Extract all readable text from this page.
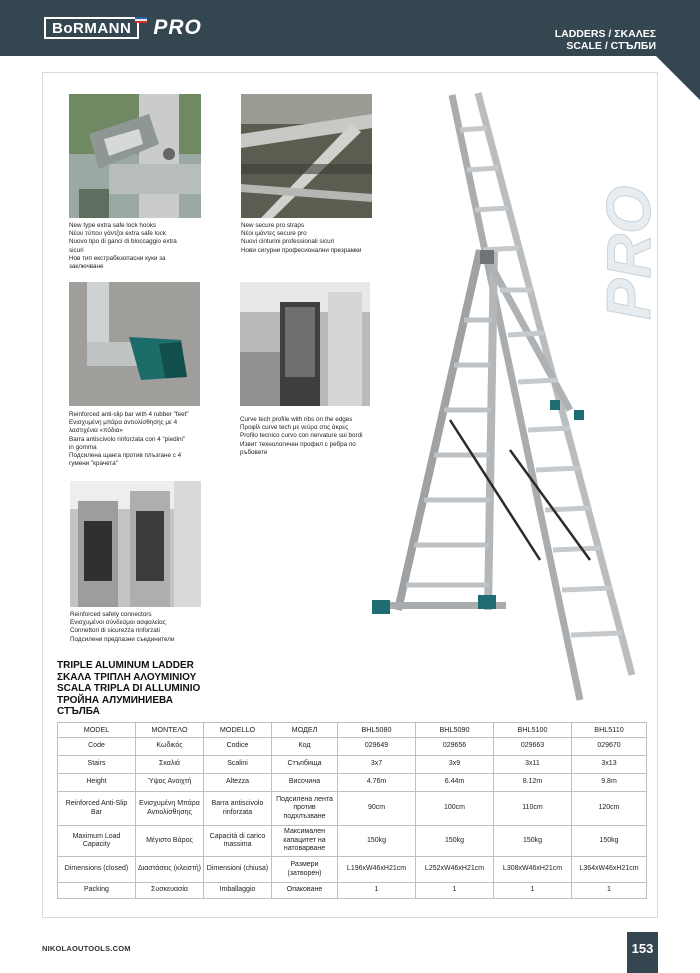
BoRMANN	PRO	LADDERS / ΣΚΑΛΕΣ
SCALE / СТЪЛБИ
PRO
New type extra safe lock hooks
Νέου τύπου γάντζοι extra safe lock
Nuovo tipo di ganci di bloccaggio extra
sicuri
Нов тип екстрабезопасни куки за
заключване
New secure pro straps
Νέοι ιμάντες secure pro
Nuovi cinturini professionali sicuri
Нови сигурни професионални презрамки
Reinforced anti-slip bar with 4 rubber "feet"
Ενισχυμένη μπάρα αντιολίσθησης με 4
λαστιχένια «πόδια»
Barra antiscivolo rinforzata con 4 "piedini"
in gomma
Подсилена щанга против плъзгане с 4
гумени "крачета"
Curve tech profile with ribs on the edges
Προφίλ curve tech με νεύρα στις άκρες
Profilo tecnico curvo con nervature sui bordi
Извит технологичен профил с ребра по
ръбовете
Reinforced safety connectors
Ενισχυμένοι σύνδεσμοι ασφαλείας
Connettori di sicurezza rinforzati
Подсилени предпазни съединители
TRIPLE ALUMINUM LADDER
ΣΚΑΛΑ ΤΡΙΠΛΗ ΑΛΟΥΜΙΝΙΟΥ
SCALA TRIPLA DI ALLUMINIO
ТРОЙНА АЛУМИНИЕВА
СТЪЛБА
MODEL	ΜΟΝΤΕΛΟ	MODELLO	МОДЕЛ	BHL5080	BHL5090	BHL5100	BHL5110
Code	Κωδικός	Codice	Код	029649	029656	029663	029670
Stairs	Σκαλιά	Scalini	Стъпбища	3x7	3x9	3x11	3x13
Height	Ύψος Ανοιχτή	Altezza	Височина	4.76m	6.44m	8.12m	9.8m
Reinforced Anti-Slip Bar	Ενισχυμένη Μπάρα Αντιολίσθησης	Barra antiscivolo rinforzata	Подсилена лента против подхлъзване	90cm	100cm	110cm	120cm
Maximum Load Capacity	Μέγιστο Βάρος	Capacità di carico massima	Максимален капацитет на натоварване	150kg	150kg	150kg	150kg
Dimensions (closed)	Διαστάσεις (κλειστή)	Dimensioni (chiusa)	Размери (затворен)	L196xW46xH21cm	L252xW46xH21cm	L308xW46xH21cm	L364xW46xH21cm
Packing	Συσκευασία	Imballaggio	Опаковане	1	1	1	1
NIKOLAOUTOOLS.COM	153
